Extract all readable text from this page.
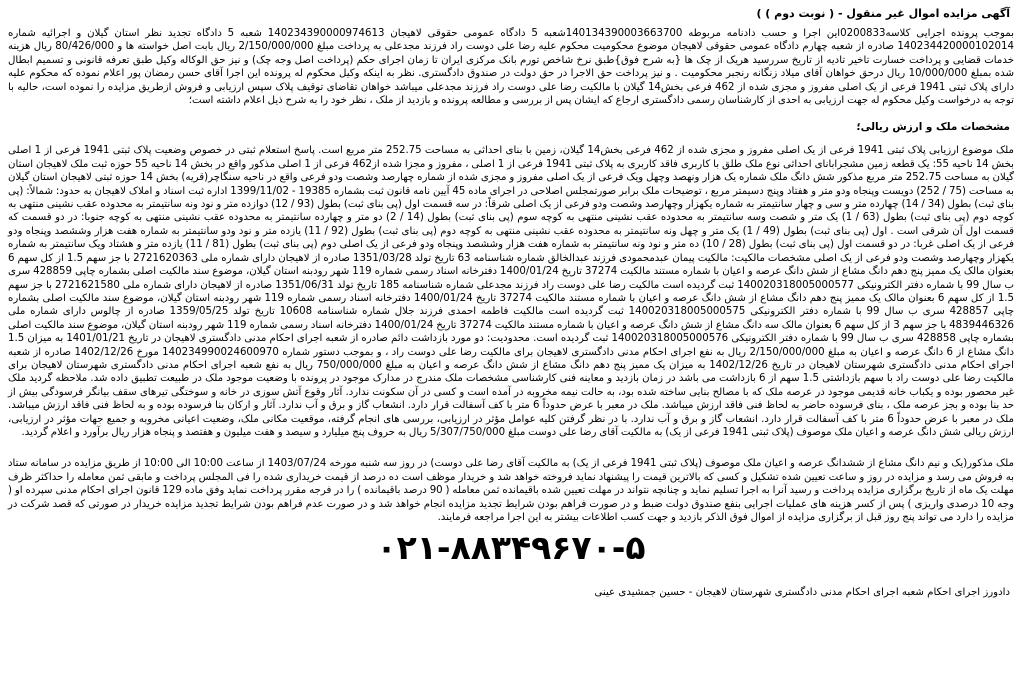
آگهی مزایده اموال غیر منقول - ( نوبت دوم ) )

بموجب پرونده اجرایی کلاسه0200833این اجرا و حسب دادنامه مربوطه 140134390003663700شعبه 5 دادگاه عمومی حقوقی لاهیجان 140234390000974613 شعبه 5 دادگاه تجدید نظر استان گیلان و اجرائیه شماره 140234420000102014 صادره از شعبه چهارم دادگاه عمومی حقوقی لاهیجان موضوع محکومیت محکوم علیه رضا علی دوست راد فرزند مجدعلی به پرداخت مبلغ 2/150/000/000 ریال بابت اصل خواسته ها و 80/426/000 ریال هزینه خدمات قضایی و پرداخت خسارت تاخیر تادیه از تاریخ سررسید هریک از چک ها {به شرح فوق}طبق نرخ شاخص تورم بانک مرکزی ایران تا زمان اجرای حکم (پرداخت اصل وجه چک) و نیز حق الوکاله وکیل طبق تعرفه قانونی و تسمیم ابطال شده بمبلغ 10/000/000 ریال درحق خواهان آقای میلاد زنگانه رنجبر محکومیت . و نیز پرداخت حق الاجرا در حق دولت در صندوق دادگستری. نظر به اینکه وکیل محکوم له پرونده این اجرا آقای حسن رمضان پور اعلام نموده که محکوم علیه دارای پلاک ثبتی 1941 فرعی از یک اصلی مفروز و مجزی شده از 462 فرعی بخش14 گیلان با مالکیت رضا علی دوست راد فرزند مجدعلی میباشد خواهان تقاضای توقیف پلاک سپس ارزیابی و فروش ازطریق مزایده را نموده است، حالیه با توجه به درخواست وکیل محکوم له جهت ارزیابی به احدی از کارشناسان رسمی دادگستری ارجاع که ایشان پس از بررسی و مطالعه پرونده و بازدید از ملک ، نظر خود را به شرح ذیل اعلام داشته است؛

مشخصات ملک و ارزش ریالی؛

ملک موضوع ارزیابی پلاک ثبتی 1941 فرعی از یک اصلی مفروز و مجزی شده از 462 فرعی بخش14 گیلان، زمین با بنای احداثی به مساحت 252.75 متر مربع است. پاسخ استعلام ثبتی در خصوص وضعیت پلاک ثبتی 1941 فرعی از 1 اصلی بخش 14 ناحیه 55: یک قطعه زمین مشجرابانای احداثی نوع ملک طلق با کاربری فاقد کاربری به پلاک ثبتی 1941 فرعی از 1 اصلی ، مفروز و مجزا شده از462 فرعی از 1 اصلی مذکور واقع در بخش 14 ناحیه 55 حوزه ثبت ملک لاهیجان استان گیلان به مساحت 252.75 متر مربع مذکور شش دانگ ملک شماره یک هزار ونهصد وچهل ویک فرعی از یک اصلی مفروز و مجزی شده از شماره چهارصد وشصت ودو فرعی واقع در ناحیه سنگاچر(قریه) بخش 14 حوزه ثبتی لاهیجان استان گیلان به مساحت (75 / 252) دویست وپنجاه ودو متر و هفتاد وپنج دسیمتر مربع ، توضیحات ملک برابر صورتمجلس اصلاحی در اجرای ماده 45 آیین نامه قانون ثبت بشماره 19385 - 1399/11/02 اداره ثبت اسناد و املاک لاهیجان به حدود: شمالاً: (پی بنای ثبت) بطول (34 / 14) چهارده متر و سی و چهار سانتیمتر به شماره یکهزار وچهارصد وشصت ودو فرعی از یک اصلی شرقاً: در سه قسمت اول (پی بنای ثبت) بطول (93 / 12) دوازده متر و نود ونه سانتیمتر به محدوده عقب نشینی منتهی به کوچه دوم (پی بنای ثبت) بطول (63 / 1) یک متر و شصت وسه سانتیمتر به محدوده عقب نشینی منتهی به کوچه سوم (پی بنای ثبت) بطول (14 / 2) دو متر و چهارده سانتیمتر به محدوده عقب نشینی منتهی به کوچه جنوبا: در دو قسمت که قسمت اول آن شرقی است . اول (پی بنای ثبت) بطول (49 / 1) یک متر و چهل ونه سانتیمتر به محدوده عقب نشینی منتهی به کوچه دوم (پی بنای ثبت) بطول (92 / 11) یازده متر و نود ودو سانتیمتر به شماره هفت هزار وششصد وپنجاه ودو فرعی از یک اصلی غربا: در دو قسمت اول (پی بنای ثبت) بطول (28 / 10) ده متر و نود ونه سانتیمتر به شماره هفت هزار وششصد وپنجاه ودو فرعی از یک اصلی دوم (پی بنای ثبت) بطول (81 / 11) یازده متر و هشتاد ویک سانتیمتر به شماره یکهزار وچهارصد وشصت ودو فرعی از یک اصلی مشخصات مالکیت: مالکیت پیمان عبدمحمودی فرزند عبدالخالق شماره شناسنامه 63 تاریخ تولد 1351/03/28 صادره از لاهیجان دارای شماره ملی 2721620363 با جز سهم 1.5 از کل سهم 6 بعنوان مالک یک ممیز پنج دهم دانگ مشاع از شش دانگ عرصه و اعیان با شماره مستند مالکیت 37274 تاریخ 1400/01/24 دفترخانه اسناد رسمی شماره 119 شهر رودبنه استان گیلان، موضوع سند مالکیت اصلی بشماره چاپی 428859 سری ب سال 99 با شماره دفتر الکترونیکی 140020318005000577 ثبت گردیده است مالکیت رضا علی دوست راد فرزند مجدعلی شماره شناسنامه 185 تاریخ تولد 1351/06/31 صادره از لاهیجان دارای شماره ملی 2721621580 با جز سهم 1.5 از کل سهم 6 بعنوان مالک یک ممیز پنج دهم دانگ مشاع از شش دانگ عرصه و اعیان با شماره مستند مالکیت 37274 تاریخ 1400/01/24 دفترخانه اسناد رسمی شماره 119 شهر رودبنه استان گیلان، موضوع سند مالکیت اصلی بشماره چاپی 428857 سری ب سال 99 با شماره دفتر الکترونیکی 140020318005000575 ثبت گردیده است مالکیت فاطمه احمدی فرزند جلال شماره شناسنامه 10608 تاریخ تولد 1359/05/25 صادره از چالوس دارای شماره ملی 4839446326 با جز سهم 3 از کل سهم 6 بعنوان مالک سه دانگ مشاع از شش دانگ عرصه و اعیان با شماره مستند مالکیت 37274 تاریخ 1400/01/24 دفترخانه اسناد رسمی شماره 119 شهر رودبنه استان گیلان، موضوع سند مالکیت اصلی بشماره چاپی 428858 سری ب سال 99 با شماره دفتر الکترونیکی 140020318005000576 ثبت گردیده است. محدودیت: دو مورد بازداشت دائم صادره از شعبه اجرای احکام مدنی دادگستری لاهیجان در تاریخ 1401/01/21 به میزان 1.5 دانگ مشاع از 6 دانگ عرصه و اعیان به مبلغ 2/150/000/000 ریال به نفع اجرای احکام مدنی دادگستری لاهیجان برای مالکیت رضا علی دوست راد ، و بموجب دستور شماره 140234990024600970 مورخ 1402/12/26 صادره از شعبه اجرای احکام مدنی دادگستری شهرستان لاهیجان در تاریخ 1402/12/26 به میزان یک ممیز پنج دهم دانگ مشاع از شش دانگ عرصه و اعیان به مبلغ 750/000/000 ریال به نفع شعبه اجرای احکام مدنی دادگستری شهرستان لاهیجان برای مالکیت رضا علی دوست راد با سهم بازداشتی 1.5 سهم از 6 بازداشت می باشد در زمان بازدید و معاینه فنی کارشناسی مشخصات ملک مندرج در مدارک موجود در پرونده با وضعیت موجود ملک در طبیعت تطبیق داده شد. ملاحظه گردید ملک غیر محصور بوده و یکباب خانه قدیمی موجود در عرصه ملک که با مصالح بنایی ساخته شده بود، به حالت نیمه مخروبه در آمده است و کسی در آن سکونت ندارد. آثار وقوع آتش سوزی در خانه و سوختگی تیرهای سقف بیانگر فرسودگی بیش از حد بنا بوده و بجز عرصه ملک ، بنای فرسوده حاضر به لحاظ فنی فاقد ارزش میباشد. ملک در معبر با عرض حدوداً 6 متر با کف آسفالت قرار دارد. انشعاب گاز و برق و آب ندارد. آثار و ارکان بنا فرسوده بوده و به لحاظ فنی فاقد ارزش میباشد. ملک در معبر با عرض حدوداً 6 متر با کف آسفالت قرار دارد. انشعاب گاز و برق و آب ندارد. با در نظر گرفتن کلیه عوامل مؤثر در ارزیابی، بررسی های انجام گرفته، موقعیت مکانی ملک، وضعیت اعیانی مخروبه و جمیع جهات مؤثر در ارزیابی، ارزش ریالی شش دانگ عرصه و اعیان ملک موصوف (پلاک ثبتی 1941 فرعی از یک) به مالکیت آقای رضا علی دوست مبلغ 5/307/750/000 ریال به حروف پنج میلیارد و سیصد و هفت میلیون و هفتصد و پنجاه هزار ریال برآورد و اعلام گردید.

ملک مذکور(یک و نیم دانگ مشاع از ششدانگ عرصه و اعیان ملک موصوف (پلاک ثبتی 1941 فرعی از یک) به مالکیت آقای رضا علی دوست) در روز سه شنبه مورخه 1403/07/24 از ساعت 10:00 الی 10:00 از طریق مزایده در سامانه ستاد به فروش می رسد و مزایده در روز و ساعت تعیین شده تشکیل و کسی که بالاترین قیمت را پیشنهاد نماید فروخته خواهد شد و خریدار موظف است ده درصد از قیمت خریداری شده را فی المجلس پرداخت و مابقی ثمن معامله را حداکثر ظرف مهلت یک ماه از تاریخ برگزاری مزایده پرداخت و رسید آنرا به اجرا تسلیم نماید و چنانچه نتواند در مهلت تعیین شده باقیمانده ثمن معامله ( 90 درصد باقیمانده ) را در فرجه مقرر پرداخت نماید وفق ماده 129 قانون اجرای احکام مدنی سپرده او ( وجه 10 درصدی واریزی ) پس از کسر هزینه های عملیات اجرایی بنفع صندوق دولت ضبط و در صورت فراهم بودن شرایط تجدید مزایده انجام خواهد شد و در صورت عدم فراهم بودن شرایط تجدید مزایده خریدار در صورتی که قصد شرکت در مزایده را دارد می تواند پنج روز قبل از برگزاری مزایده از اموال فوق الذکر بازدید و جهت کسب اطلاعات بیشتر به این اجرا مراجعه فرمایند.

۰۲۱-۸۸۳۴۹۶۷۰-۵
دادورز اجرای احکام شعبه اجرای احکام مدنی دادگستری شهرستان لاهیجان - حسین جمشیدی عینی
